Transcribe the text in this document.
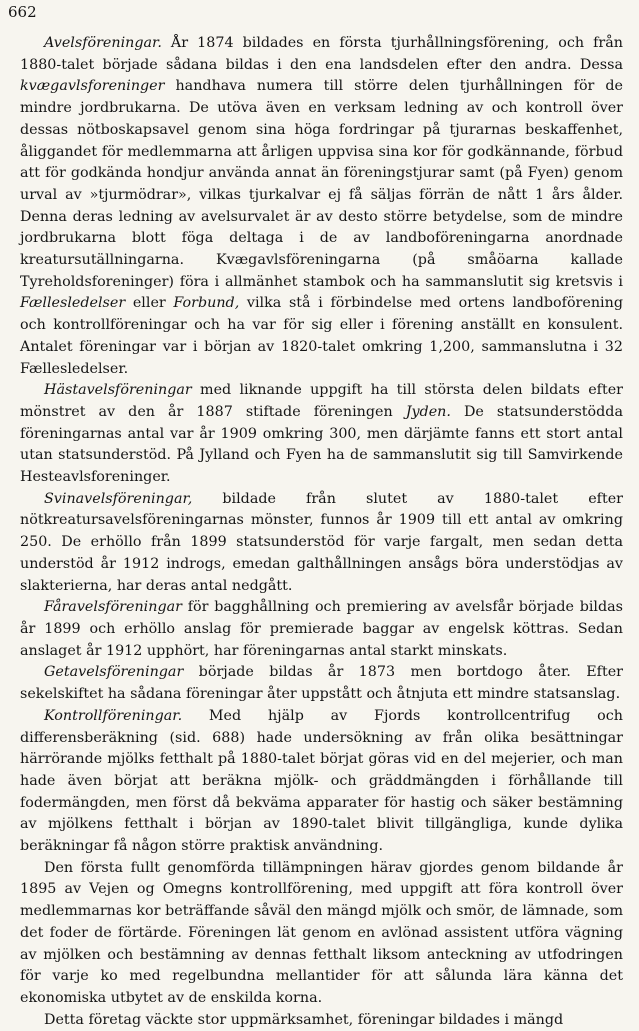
662

Avelsföreningar. År 1874 bildades en första tjurhållningsförening, och från 1880-talet började sådana bildas i den ena landsdelen efter den andra. Dessa kvægavlsforeninger handhava numera till större delen tjurhållningen för de mindre jordbrukarna. De utöva även en verksam ledning av och kontroll över dessas nötboskapsavel genom sina höga fordringar på tjurarnas beskaffenhet, åliggandet för medlemmarna att årligen uppvisa sina kor för godkännande, förbud att för godkända hondjur använda annat än föreningstjurar samt (på Fyen) genom urval av »tjurmödrar», vilkas tjurkalvar ej få säljas förrän de nått 1 års ålder. Denna deras ledning av avelsurvalet är av desto större betydelse, som de mindre jordbrukarna blott föga deltaga i de av landboföreningarna anordnade kreatursutällningarna. Kvægavlsföreningarna (på småöarna kallade Tyreholdsforeninger) föra i allmänhet stambok och ha sammanslutit sig kretsvis i Fællesledelser eller Forbund, vilka stå i förbindelse med ortens landboförening och kontrollföreningar och ha var för sig eller i förening anställt en konsulent. Antalet föreningar var i början av 1820-talet omkring 1,200, sammanslutna i 32 Fællesledelser.

Hästavelsföreningar med liknande uppgift ha till största delen bildats efter mönstret av den år 1887 stiftade föreningen Jyden. De statsunderstödda föreningarnas antal var år 1909 omkring 300, men därjämte fanns ett stort antal utan statsunderstöd. På Jylland och Fyen ha de sammanslutit sig till Samvirkende Hesteavlsforeninger.

Svinavelsföreningar, bildade från slutet av 1880-talet efter nötkreatursavelsföreningarnas mönster, funnos år 1909 till ett antal av omkring 250. De erhöllo från 1899 statsunderstöd för varje fargalt, men sedan detta understöd år 1912 indrogs, emedan galthållningen ansågs böra understödjas av slakterierna, har deras antal nedgått.

Fåravelsföreningar för bagghållning och premiering av avelsfår började bildas år 1899 och erhöllo anslag för premierade baggar av engelsk köttras. Sedan anslaget år 1912 upphört, har föreningarnas antal starkt minskats.

Getavelsföreningar började bildas år 1873 men bortdogo åter. Efter sekelskiftet ha sådana föreningar åter uppstått och åtnjuta ett mindre statsanslag.

Kontrollföreningar. Med hjälp av Fjords kontrollcentrifug och differensberäkning (sid. 688) hade undersökning av från olika besättningar härrörande mjölks fetthalt på 1880-talet börjat göras vid en del mejerier, och man hade även börjat att beräkna mjölk- och gräddmängden i förhållande till fodermängden, men först då bekväma apparater för hastig och säker bestämning av mjölkens fetthalt i början av 1890-talet blivit tillgängliga, kunde dylika beräkningar få någon större praktisk användning.

Den första fullt genomförda tillämpningen härav gjordes genom bildande år 1895 av Vejen og Omegns kontrollförening, med uppgift att föra kontroll över medlemmarnas kor beträffande såväl den mängd mjölk och smör, de lämnade, som det foder de förtärde. Föreningen lät genom en avlönad assistent utföra vägning av mjölken och bestämning av dennas fetthalt liksom anteckning av utfodringen för varje ko med regelbundna mellantider för att sålunda lära känna det ekonomiska utbytet av de enskilda korna.

Detta företag väckte stor uppmärksamhet, föreningar bildades i mängd
